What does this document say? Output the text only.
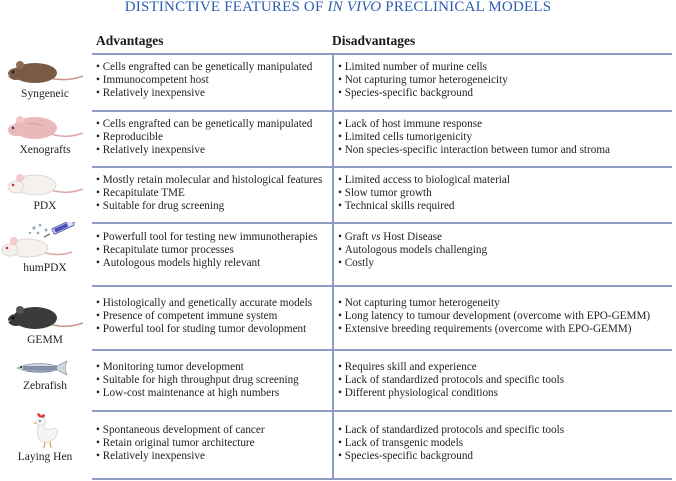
DISTINCTIVE FEATURES OF IN VIVO PRECLINICAL MODELS
Advantages	Disadvantages
Syngeneic
• Cells engrafted can be genetically manipulated
• Immunocompetent host
• Relatively inexpensive
• Limited number of murine cells
• Not capturing tumor heterogeneicity
• Species-specific background
Xenografts
• Cells engrafted can be genetically manipulated
• Reproducible
• Relatively inexpensive
• Lack of host immune response
• Limited cells tumorigenicity
• Non species-specific interaction between tumor and stroma
PDX
• Mostly retain molecular and histological features
• Recapitulate TME
• Suitable for drug screening
• Limited access to biological material
• Slow tumor growth
• Technical skills required
humPDX
• Powerfull tool for testing new immunotherapies
• Recapitulate tumor processes
• Autologous models highly relevant
• Graft vs Host Disease
• Autologous models challenging
• Costly
GEMM
• Histologically and genetically accurate models
• Presence of competent immune system
• Powerful tool for studing tumor devolopment
• Not capturing tumor heterogeneity
• Long latency to tumour development (overcome with EPO-GEMM)
• Extensive breeding requirements (overcome with EPO-GEMM)
Zebrafish
• Monitoring tumor development
• Suitable for high throughput drug screening
• Low-cost maintenance at high numbers
• Requires skill and experience
• Lack of standardized protocols and specific tools
• Different physiological conditions
Laying Hen
• Spontaneous development of cancer
• Retain original tumor architecture
• Relatively inexpensive
• Lack of standardized protocols and specific tools
• Lack of transgenic models
• Species-specific background
